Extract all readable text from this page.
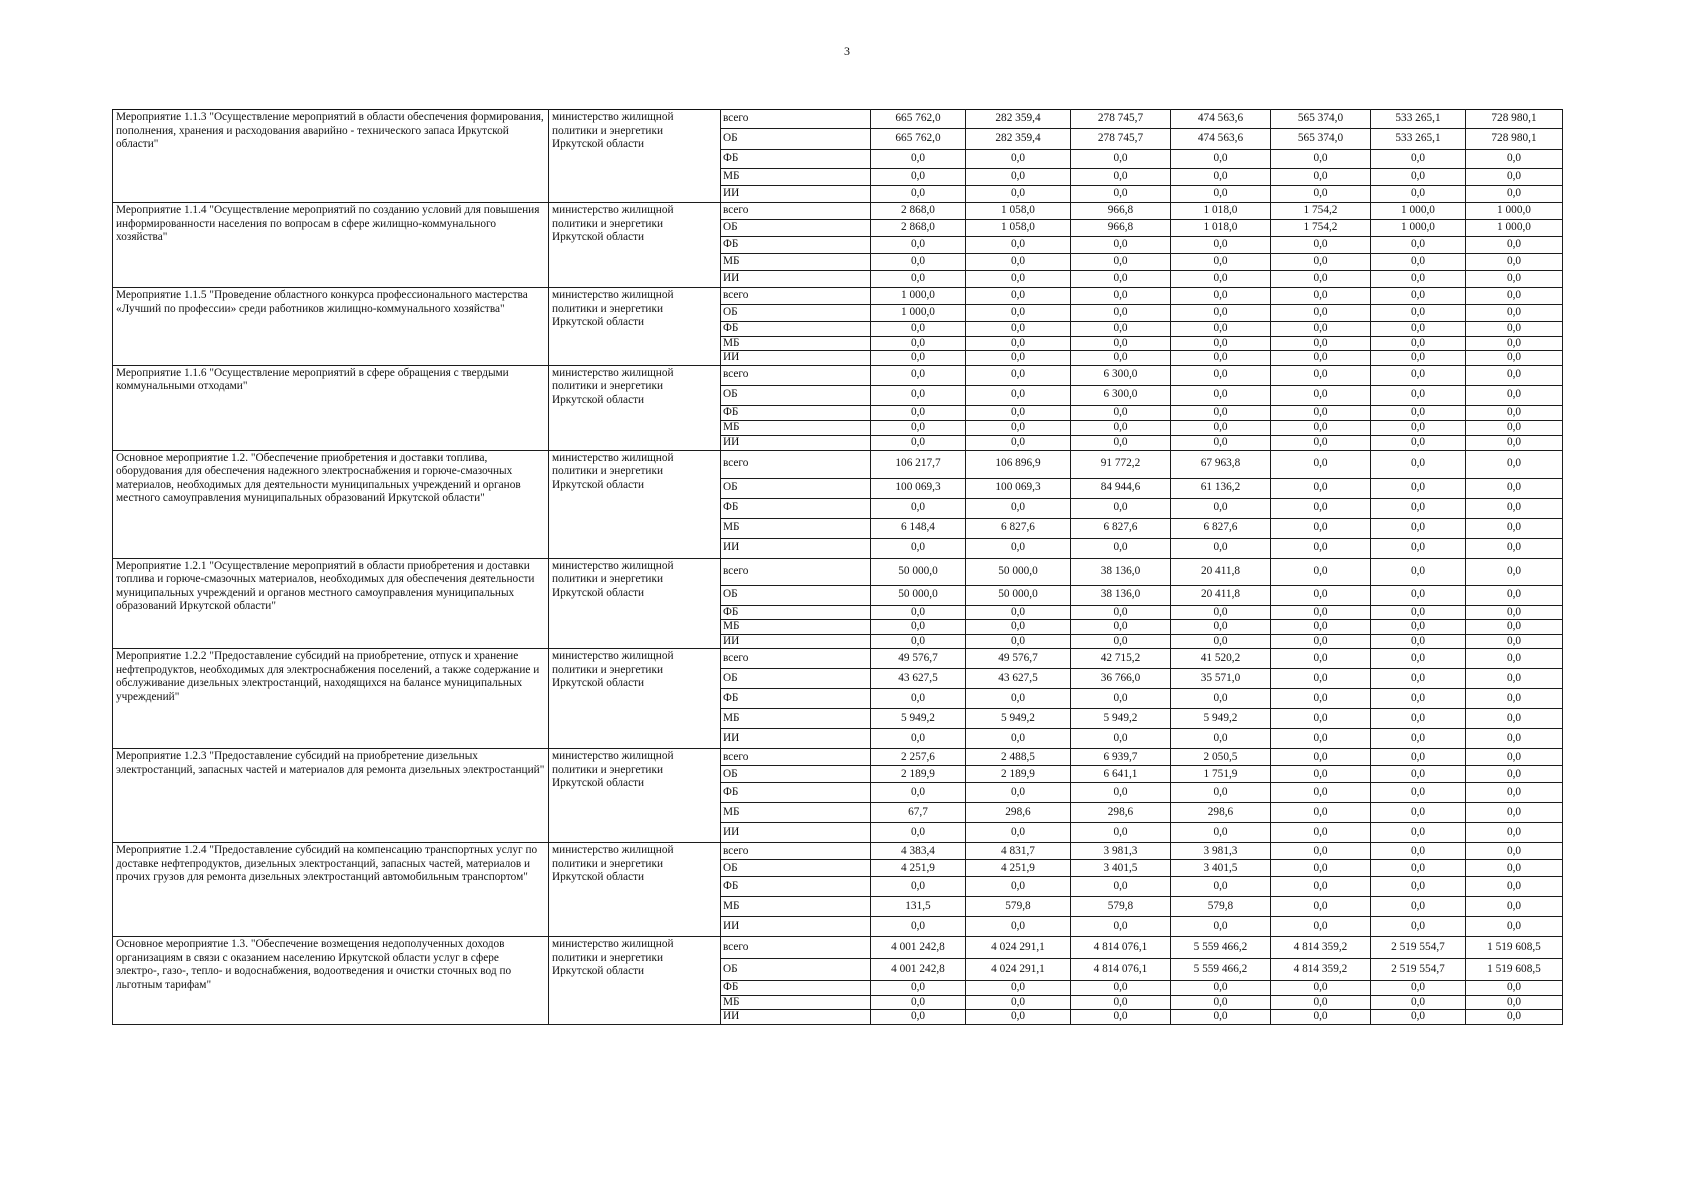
3
Мероприятие 1.1.3 "Осуществление мероприятий в области обеспечения формирования, пополнения, хранения и расходования аварийно - технического запаса Иркутской области"	министерство жилищной политики и энергетики Иркутской области	всего	665 762,0	282 359,4	278 745,7	474 563,6	565 374,0	533 265,1	728 980,1
		ОБ	665 762,0	282 359,4	278 745,7	474 563,6	565 374,0	533 265,1	728 980,1
		ФБ	0,0	0,0	0,0	0,0	0,0	0,0	0,0
		МБ	0,0	0,0	0,0	0,0	0,0	0,0	0,0
		ИИ	0,0	0,0	0,0	0,0	0,0	0,0	0,0
Мероприятие 1.1.4 "Осуществление мероприятий по созданию условий для повышения информированности населения по вопросам в сфере жилищно-коммунального хозяйства"	министерство жилищной политики и энергетики Иркутской области	всего	2 868,0	1 058,0	966,8	1 018,0	1 754,2	1 000,0	1 000,0
		ОБ	2 868,0	1 058,0	966,8	1 018,0	1 754,2	1 000,0	1 000,0
		ФБ	0,0	0,0	0,0	0,0	0,0	0,0	0,0
		МБ	0,0	0,0	0,0	0,0	0,0	0,0	0,0
		ИИ	0,0	0,0	0,0	0,0	0,0	0,0	0,0
Мероприятие 1.1.5 "Проведение областного конкурса профессионального мастерства «Лучший по профессии» среди работников жилищно-коммунального хозяйства"	министерство жилищной политики и энергетики Иркутской области	всего	1 000,0	0,0	0,0	0,0	0,0	0,0	0,0
		ОБ	1 000,0	0,0	0,0	0,0	0,0	0,0	0,0
		ФБ	0,0	0,0	0,0	0,0	0,0	0,0	0,0
		МБ	0,0	0,0	0,0	0,0	0,0	0,0	0,0
		ИИ	0,0	0,0	0,0	0,0	0,0	0,0	0,0
Мероприятие 1.1.6 "Осуществление мероприятий в сфере обращения с твердыми коммунальными отходами"	министерство жилищной политики и энергетики Иркутской области	всего	0,0	0,0	6 300,0	0,0	0,0	0,0	0,0
		ОБ	0,0	0,0	6 300,0	0,0	0,0	0,0	0,0
		ФБ	0,0	0,0	0,0	0,0	0,0	0,0	0,0
		МБ	0,0	0,0	0,0	0,0	0,0	0,0	0,0
		ИИ	0,0	0,0	0,0	0,0	0,0	0,0	0,0
Основное мероприятие 1.2. "Обеспечение приобретения и доставки топлива, оборудования для обеспечения надежного электроснабжения и горюче-смазочных материалов, необходимых для деятельности муниципальных учреждений и органов местного самоуправления муниципальных образований Иркутской области"	министерство жилищной политики и энергетики Иркутской области	всего	106 217,7	106 896,9	91 772,2	67 963,8	0,0	0,0	0,0
		ОБ	100 069,3	100 069,3	84 944,6	61 136,2	0,0	0,0	0,0
		ФБ	0,0	0,0	0,0	0,0	0,0	0,0	0,0
		МБ	6 148,4	6 827,6	6 827,6	6 827,6	0,0	0,0	0,0
		ИИ	0,0	0,0	0,0	0,0	0,0	0,0	0,0
Мероприятие 1.2.1 "Осуществление мероприятий в области приобретения и доставки топлива и горюче-смазочных материалов, необходимых для обеспечения деятельности муниципальных учреждений и органов местного самоуправления муниципальных образований Иркутской области"	министерство жилищной политики и энергетики Иркутской области	всего	50 000,0	50 000,0	38 136,0	20 411,8	0,0	0,0	0,0
		ОБ	50 000,0	50 000,0	38 136,0	20 411,8	0,0	0,0	0,0
		ФБ	0,0	0,0	0,0	0,0	0,0	0,0	0,0
		МБ	0,0	0,0	0,0	0,0	0,0	0,0	0,0
		ИИ	0,0	0,0	0,0	0,0	0,0	0,0	0,0
Мероприятие 1.2.2 "Предоставление субсидий на приобретение, отпуск и хранение нефтепродуктов, необходимых для электроснабжения поселений, а также содержание и обслуживание дизельных электростанций, находящихся на балансе муниципальных учреждений"	министерство жилищной политики и энергетики Иркутской области	всего	49 576,7	49 576,7	42 715,2	41 520,2	0,0	0,0	0,0
		ОБ	43 627,5	43 627,5	36 766,0	35 571,0	0,0	0,0	0,0
		ФБ	0,0	0,0	0,0	0,0	0,0	0,0	0,0
		МБ	5 949,2	5 949,2	5 949,2	5 949,2	0,0	0,0	0,0
		ИИ	0,0	0,0	0,0	0,0	0,0	0,0	0,0
Мероприятие 1.2.3 "Предоставление субсидий на приобретение дизельных электростанций, запасных частей и материалов для ремонта дизельных электростанций"	министерство жилищной политики и энергетики Иркутской области	всего	2 257,6	2 488,5	6 939,7	2 050,5	0,0	0,0	0,0
		ОБ	2 189,9	2 189,9	6 641,1	1 751,9	0,0	0,0	0,0
		ФБ	0,0	0,0	0,0	0,0	0,0	0,0	0,0
		МБ	67,7	298,6	298,6	298,6	0,0	0,0	0,0
		ИИ	0,0	0,0	0,0	0,0	0,0	0,0	0,0
Мероприятие 1.2.4 "Предоставление субсидий на компенсацию транспортных услуг по доставке нефтепродуктов, дизельных электростанций, запасных частей, материалов и прочих грузов для ремонта дизельных электростанций автомобильным транспортом"	министерство жилищной политики и энергетики Иркутской области	всего	4 383,4	4 831,7	3 981,3	3 981,3	0,0	0,0	0,0
		ОБ	4 251,9	4 251,9	3 401,5	3 401,5	0,0	0,0	0,0
		ФБ	0,0	0,0	0,0	0,0	0,0	0,0	0,0
		МБ	131,5	579,8	579,8	579,8	0,0	0,0	0,0
		ИИ	0,0	0,0	0,0	0,0	0,0	0,0	0,0
Основное мероприятие 1.3. "Обеспечение возмещения недополученных доходов организациям в связи с оказанием населению Иркутской области услуг в сфере электро-, газо-, тепло- и водоснабжения, водоотведения и очистки сточных вод по льготным тарифам"	министерство жилищной политики и энергетики Иркутской области	всего	4 001 242,8	4 024 291,1	4 814 076,1	5 559 466,2	4 814 359,2	2 519 554,7	1 519 608,5
		ОБ	4 001 242,8	4 024 291,1	4 814 076,1	5 559 466,2	4 814 359,2	2 519 554,7	1 519 608,5
		ФБ	0,0	0,0	0,0	0,0	0,0	0,0	0,0
		МБ	0,0	0,0	0,0	0,0	0,0	0,0	0,0
		ИИ	0,0	0,0	0,0	0,0	0,0	0,0	0,0
